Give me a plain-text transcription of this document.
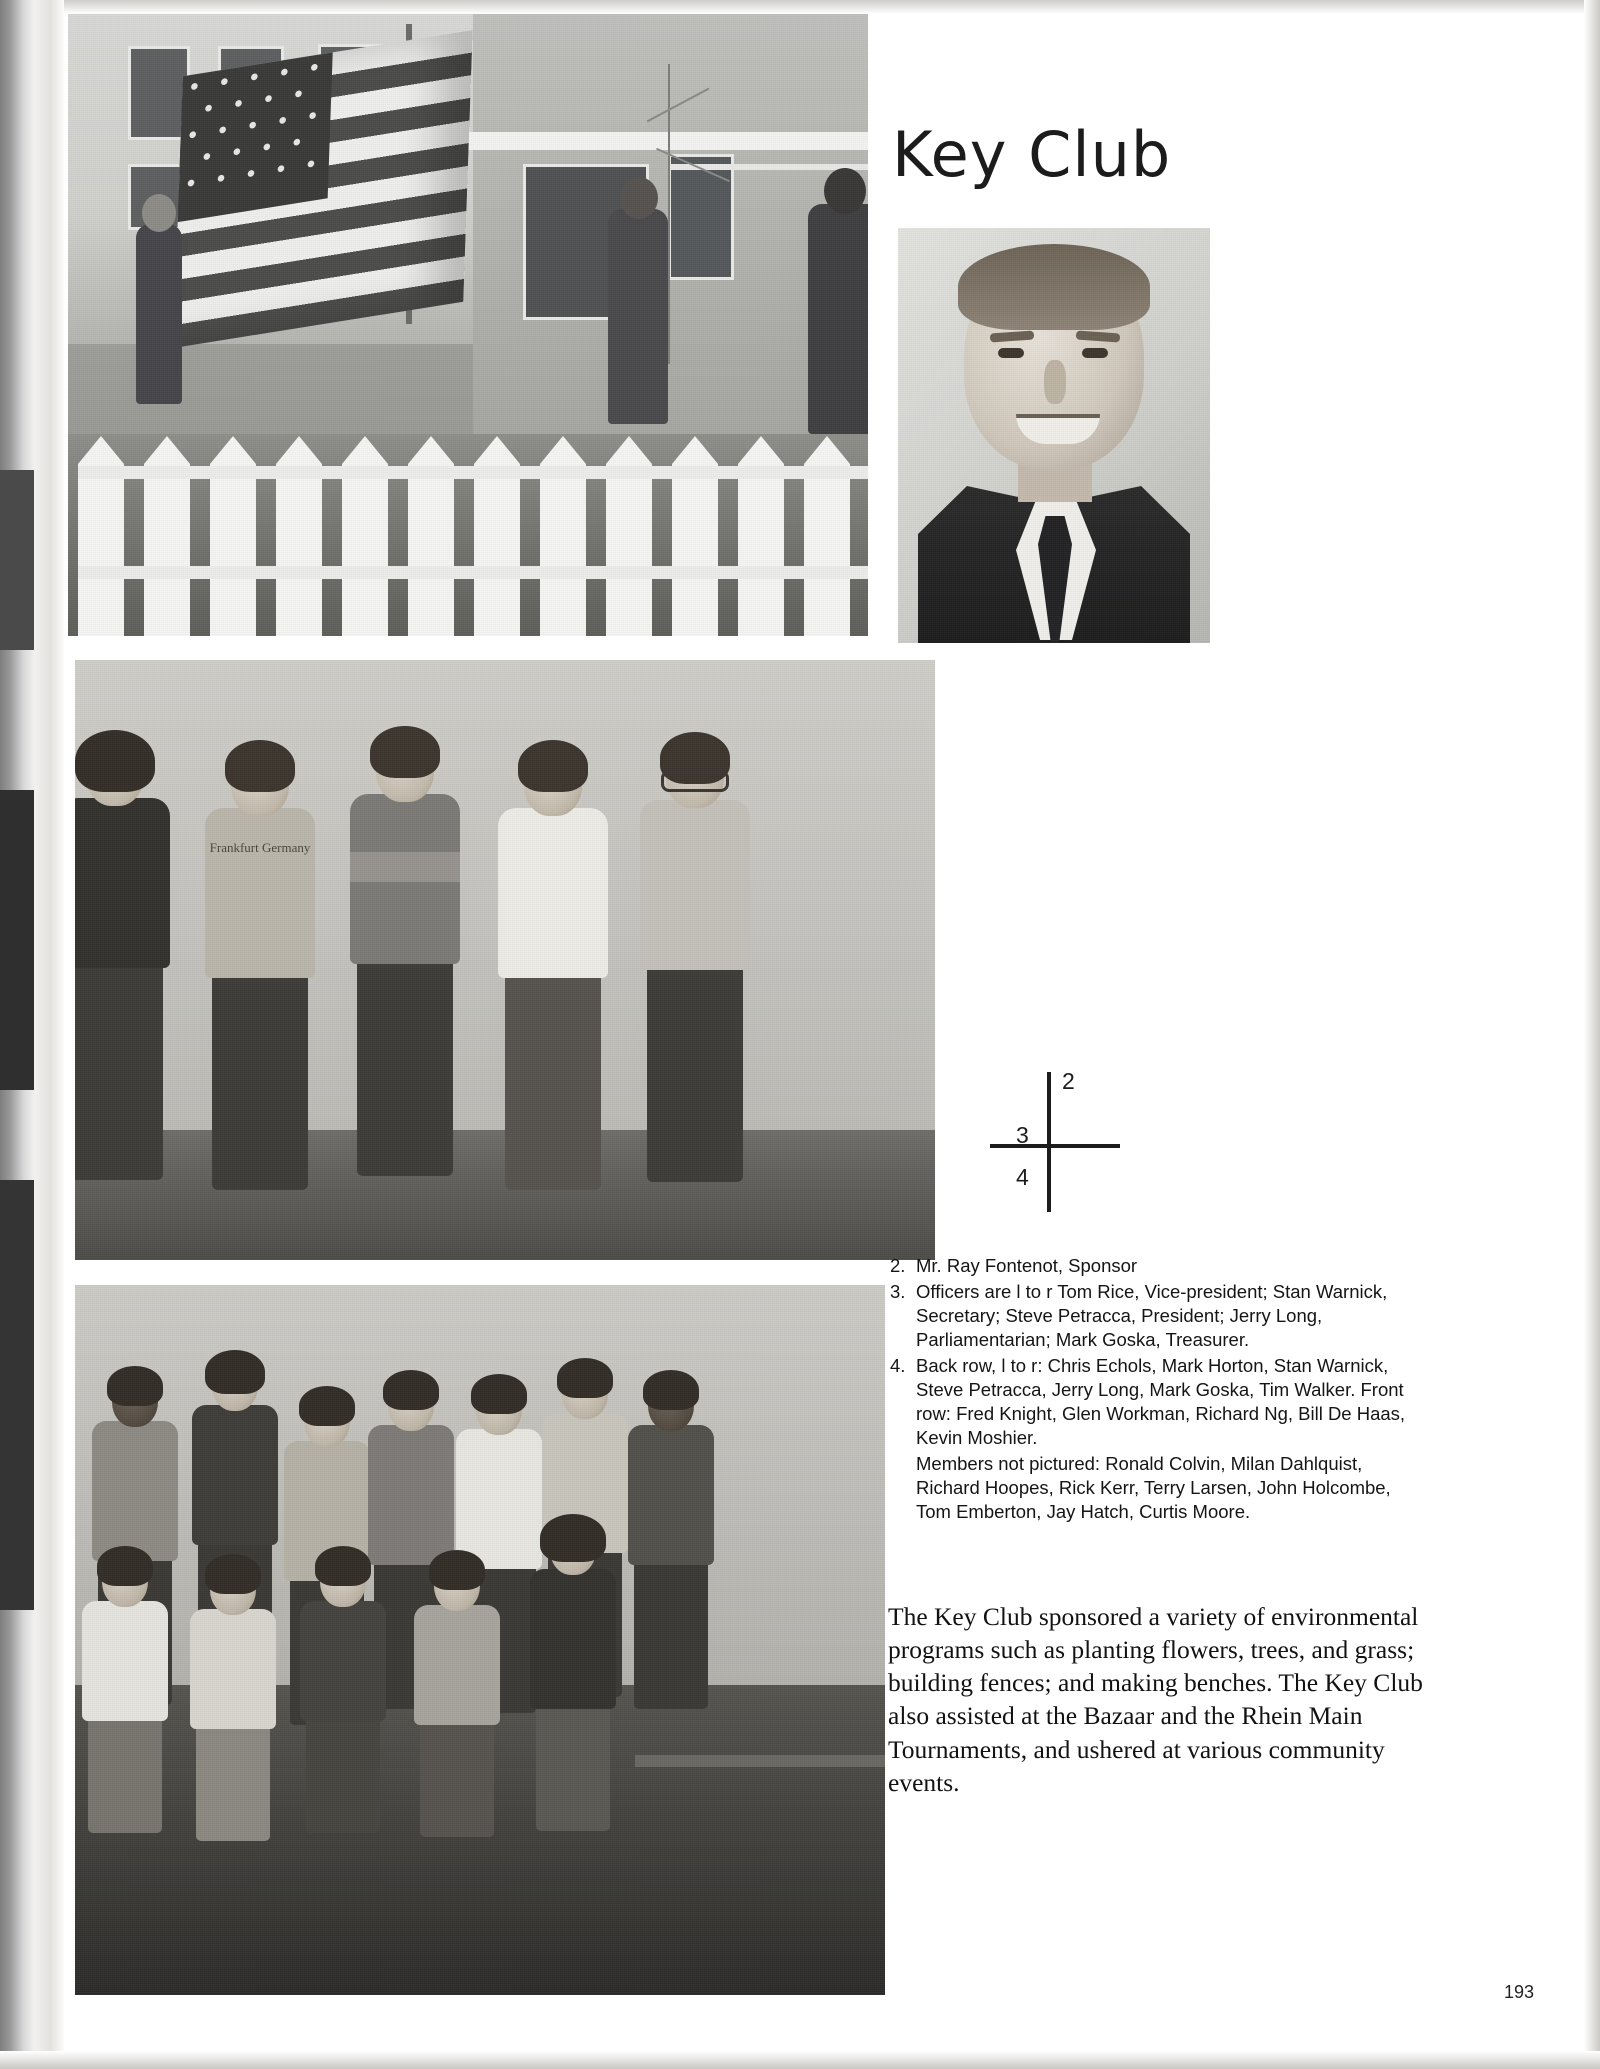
Key Club
Frankfurt Germany
2
3
4
2. Mr. Ray Fontenot, Sponsor
3. Officers are l to r Tom Rice, Vice-president; Stan Warnick, Secretary; Steve Petracca, President; Jerry Long, Parliamentarian; Mark Goska, Treasurer.
4. Back row, l to r: Chris Echols, Mark Horton, Stan Warnick, Steve Petracca, Jerry Long, Mark Goska, Tim Walker. Front row: Fred Knight, Glen Workman, Richard Ng, Bill De Haas, Kevin Moshier.
Members not pictured: Ronald Colvin, Milan Dahlquist, Richard Hoopes, Rick Kerr, Terry Larsen, John Holcombe, Tom Emberton, Jay Hatch, Curtis Moore.
The Key Club sponsored a variety of environmental programs such as planting flowers, trees, and grass; building fences; and making benches. The Key Club also assisted at the Bazaar and the Rhein Main Tournaments, and ushered at various community events.
193
